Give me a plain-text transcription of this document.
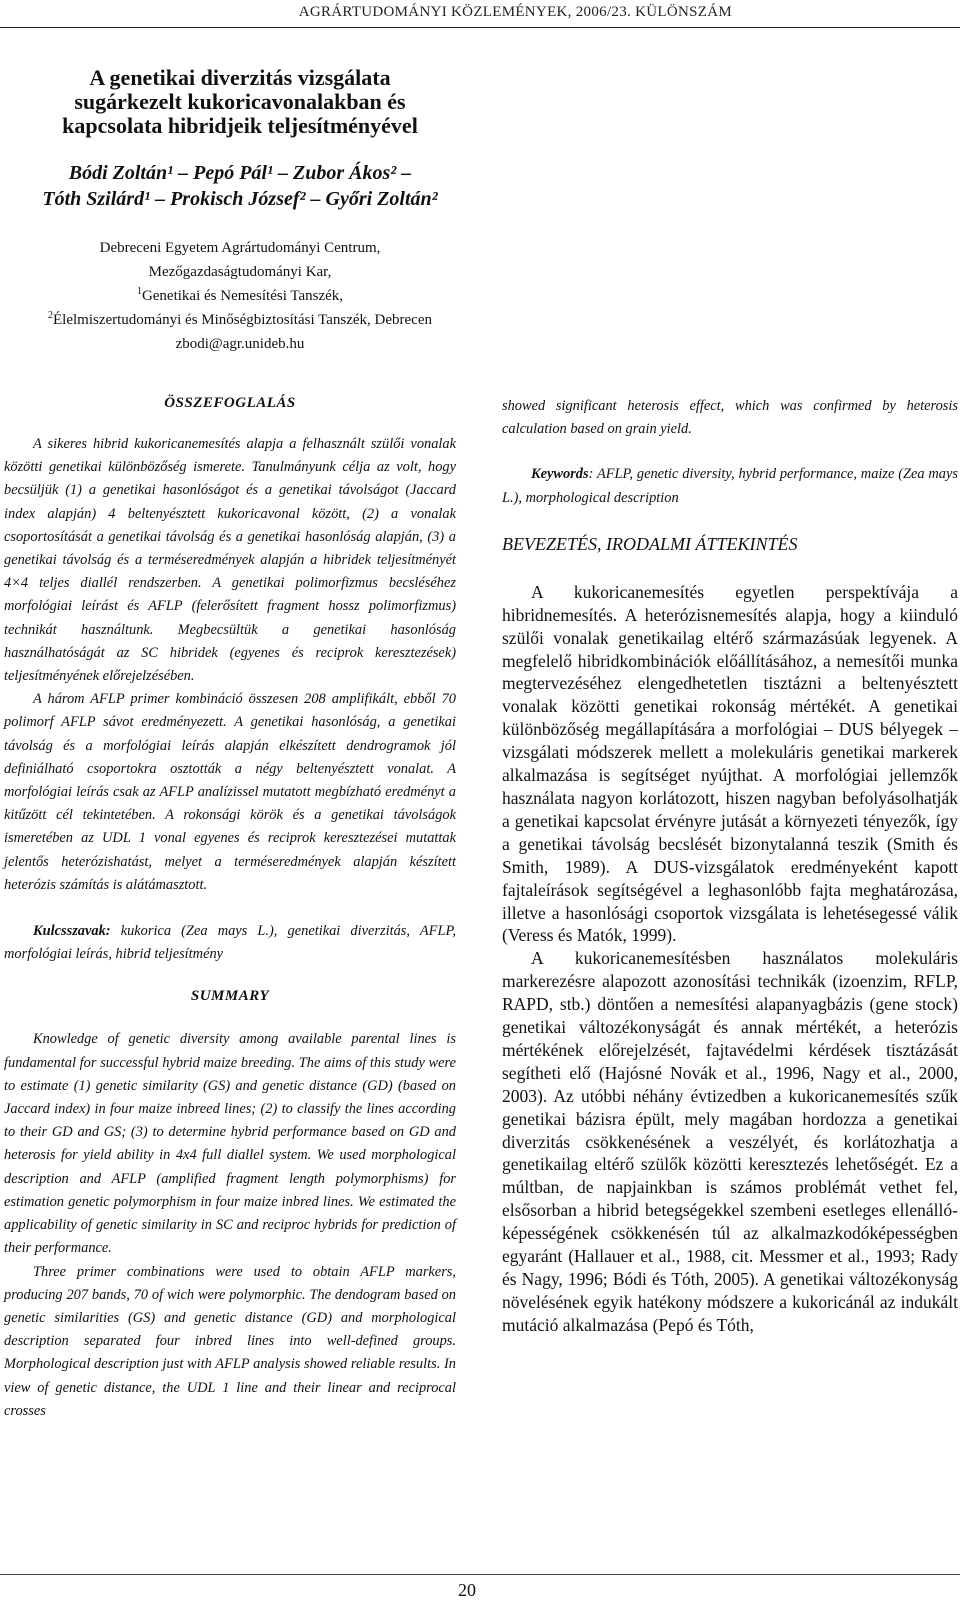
AGRÁRTUDOMÁNYI KÖZLEMÉNYEK, 2006/23. KÜLÖNSZÁM
A genetikai diverzitás vizsgálata
sugárkezelt kukoricavonalakban és
kapcsolata hibridjeik teljesítményével
Bódi Zoltán¹ – Pepó Pál¹ – Zubor Ákos² –
Tóth Szilárd¹ – Prokisch József² – Győri Zoltán²
Debreceni Egyetem Agrártudományi Centrum,
Mezőgazdaságtudományi Kar,
$^1$Genetikai és Nemesítési Tanszék,
$^2$Élelmiszertudományi és Minőségbiztosítási Tanszék, Debrecen
zbodi@agr.unideb.hu
ÖSSZEFOGLALÁS

A sikeres hibrid kukoricanemesítés alapja a felhasznált szülői vonalak közötti genetikai különbözőség ismerete. Tanulmányunk célja az volt, hogy becsüljük (1) a genetikai hasonlóságot és a genetikai távolságot (Jaccard index alapján) 4 beltenyésztett kukoricavonal között, (2) a vonalak csoportosítását a genetikai távolság és a genetikai hasonlóság alapján, (3) a genetikai távolság és a terméseredmények alapján a hibridek teljesítményét 4×4 teljes diallél rendszerben. A genetikai polimorfizmus becsléséhez morfológiai leírást és AFLP (felerősített fragment hossz polimorfizmus) technikát használtunk. Megbecsültük a genetikai hasonlóság használhatóságát az SC hibridek (egyenes és reciprok keresztezések) teljesítményének előrejelzésében.

A három AFLP primer kombináció összesen 208 amplifikált, ebből 70 polimorf AFLP sávot eredményezett. A genetikai hasonlóság, a genetikai távolság és a morfológiai leírás alapján elkészített dendrogramok jól definiálható csoportokra osztották a négy beltenyésztett vonalat. A morfológiai leírás csak az AFLP analízissel mutatott megbízható eredményt a kitűzött cél tekintetében. A rokonsági körök és a genetikai távolságok ismeretében az UDL 1 vonal egyenes és reciprok keresztezései mutattak jelentős heterózishatást, melyet a terméseredmények alapján készített heterózis számítás is alátámasztott.

Kulcsszavak: kukorica (Zea mays L.), genetikai diverzitás, AFLP, morfológiai leírás, hibrid teljesítmény

SUMMARY

Knowledge of genetic diversity among available parental lines is fundamental for successful hybrid maize breeding. The aims of this study were to estimate (1) genetic similarity (GS) and genetic distance (GD) (based on Jaccard index) in four maize inbreed lines; (2) to classify the lines according to their GD and GS; (3) to determine hybrid performance based on GD and heterosis for yield ability in 4x4 full diallel system. We used morphological description and AFLP (amplified fragment length polymorphisms) for estimation genetic polymorphism in four maize inbred lines. We estimated the applicability of genetic similarity in SC and reciproc hybrids for prediction of their performance.

Three primer combinations were used to obtain AFLP markers, producing 207 bands, 70 of wich were polymorphic. The dendogram based on genetic similarities (GS) and genetic distance (GD) and morphological description separated four inbred lines into well-defined groups. Morphological description just with AFLP analysis showed reliable results. In view of genetic distance, the UDL 1 line and their linear and reciprocal crosses

showed significant heterosis effect, which was confirmed by heterosis calculation based on grain yield.

Keywords: AFLP, genetic diversity, hybrid performance, maize (Zea mays L.), morphological description

BEVEZETÉS, IRODALMI ÁTTEKINTÉS

A kukoricanemesítés egyetlen perspektívája a hibridnemesítés. A heterózisnemesítés alapja, hogy a kiinduló szülői vonalak genetikailag eltérő származásúak legyenek. A megfelelő hibridkombinációk előállításához, a nemesítői munka megtervezéséhez elengedhetetlen tisztázni a beltenyésztett vonalak közötti genetikai rokonság mértékét. A genetikai különbözőség megállapítására a morfológiai – DUS bélyegek – vizsgálati módszerek mellett a molekuláris genetikai markerek alkalmazása is segítséget nyújthat. A morfológiai jellemzők használata nagyon korlátozott, hiszen nagyban befolyásolhatják a genetikai kapcsolat érvényre jutását a környezeti tényezők, így a genetikai távolság becslését bizonytalanná teszik (Smith és Smith, 1989). A DUS-vizsgálatok eredményeként kapott fajtaleírások segítségével a leghasonlóbb fajta meghatározása, illetve a hasonlósági csoportok vizsgálata is lehetésegessé válik (Veress és Matók, 1999).

A kukoricanemesítésben használatos molekuláris markerezésre alapozott azonosítási technikák (izoenzim, RFLP, RAPD, stb.) döntően a nemesítési alapanyagbázis (gene stock) genetikai változékonyságát és annak mértékét, a heterózis mértékének előrejelzését, fajtavédelmi kérdések tisztázását segítheti elő (Hajósné Novák et al., 1996, Nagy et al., 2000, 2003). Az utóbbi néhány évtizedben a kukoricanemesítés szűk genetikai bázisra épült, mely magában hordozza a genetikai diverzitás csökkenésének a veszélyét, és korlátozhatja a genetikailag eltérő szülők közötti keresztezés lehetőségét. Ez a múltban, de napjainkban is számos problémát vethet fel, elsősorban a hibrid betegségekkel szembeni esetleges ellenálló-képességének csökkenésén túl az alkalmazkodóképességben egyaránt (Hallauer et al., 1988, cit. Messmer et al., 1993; Rady és Nagy, 1996; Bódi és Tóth, 2005). A genetikai változékonyság növelésének egyik hatékony módszere a kukoricánál az indukált mutáció alkalmazása (Pepó és Tóth,

20
